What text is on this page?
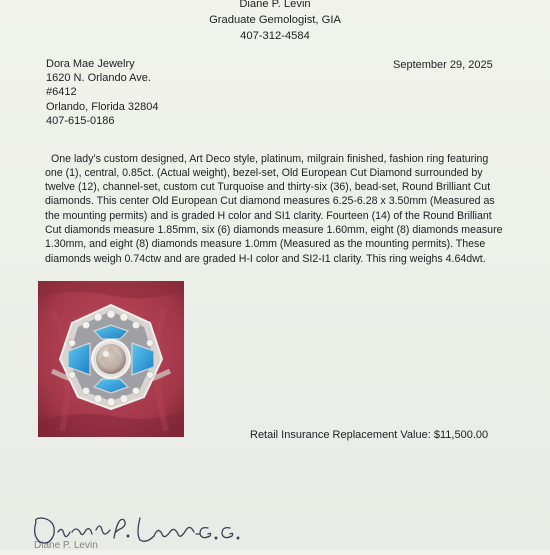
Diane P. Levin
Graduate Gemologist, GIA
407-312-4584
Dora Mae Jewelry
1620 N. Orlando Ave.
#6412
Orlando, Florida 32804
407-615-0186
September 29, 2025

One lady’s custom designed, Art Deco style, platinum, milgrain finished, fashion ring featuring one (1), central, 0.85ct. (Actual weight), bezel-set, Old European Cut Diamond surrounded by twelve (12), channel-set, custom cut Turquoise and thirty-six (36), bead-set, Round Brilliant Cut diamonds. This center Old European Cut diamond measures 6.25-6.28 x 3.50mm (Measured as the mounting permits) and is graded H color and SI1 clarity. Fourteen (14) of the Round Brilliant Cut diamonds measure 1.85mm, six (6) diamonds measure 1.60mm, eight (8) diamonds measure 1.30mm, and eight (8) diamonds measure 1.0mm (Measured as the mounting permits). These diamonds weigh 0.74ctw and are graded H-I color and SI2-I1 clarity. This ring weighs 4.64dwt.

Retail Insurance Replacement Value: $11,500.00
Diane P. Levin
